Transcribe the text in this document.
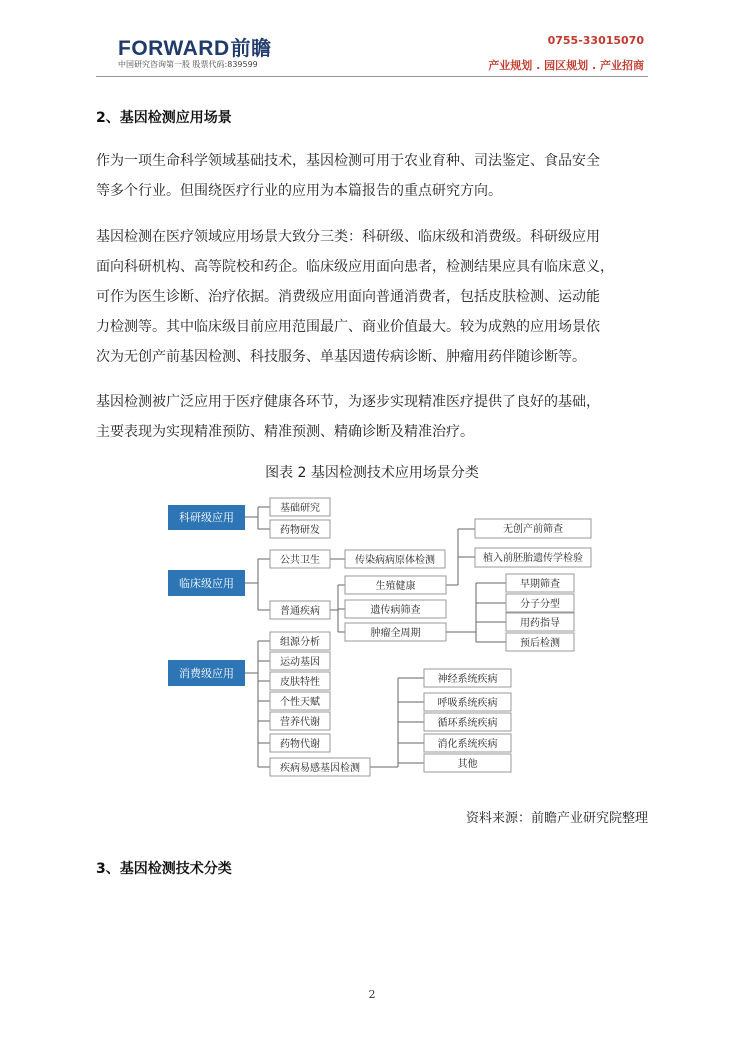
FORWARD前瞻
中国研究咨询第一股 股票代码:839599
0755-33015070
产业规划 . 园区规划 . 产业招商
2、基因检测应用场景
作为一项生命科学领域基础技术，基因检测可用于农业育种、司法鉴定、食品安全
等多个行业。但围绕医疗行业的应用为本篇报告的重点研究方向。
基因检测在医疗领域应用场景大致分三类：科研级、临床级和消费级。科研级应用
面向科研机构、高等院校和药企。临床级应用面向患者，检测结果应具有临床意义，
可作为医生诊断、治疗依据。消费级应用面向普通消费者，包括皮肤检测、运动能
力检测等。其中临床级目前应用范围最广、商业价值最大。较为成熟的应用场景依
次为无创产前基因检测、科技服务、单基因遗传病诊断、肿瘤用药伴随诊断等。
基因检测被广泛应用于医疗健康各环节，为逐步实现精准医疗提供了良好的基础，
主要表现为实现精准预防、精准预测、精确诊断及精准治疗。
图表 2 基因检测技术应用场景分类
科研级应用
临床级应用
消费级应用
基础研究
药物研发
公共卫生	传染病病原体检测
普通疾病
生殖健康
遗传病筛查
肿瘤全周期
无创产前筛查
植入前胚胎遗传学检验
早期筛查
分子分型
用药指导
预后检测
组源分析
运动基因
皮肤特性
个性天赋
营养代谢
药物代谢
疾病易感基因检测
神经系统疾病
呼吸系统疾病
循环系统疾病
消化系统疾病
其他
资料来源：前瞻产业研究院整理
3、基因检测技术分类
2
